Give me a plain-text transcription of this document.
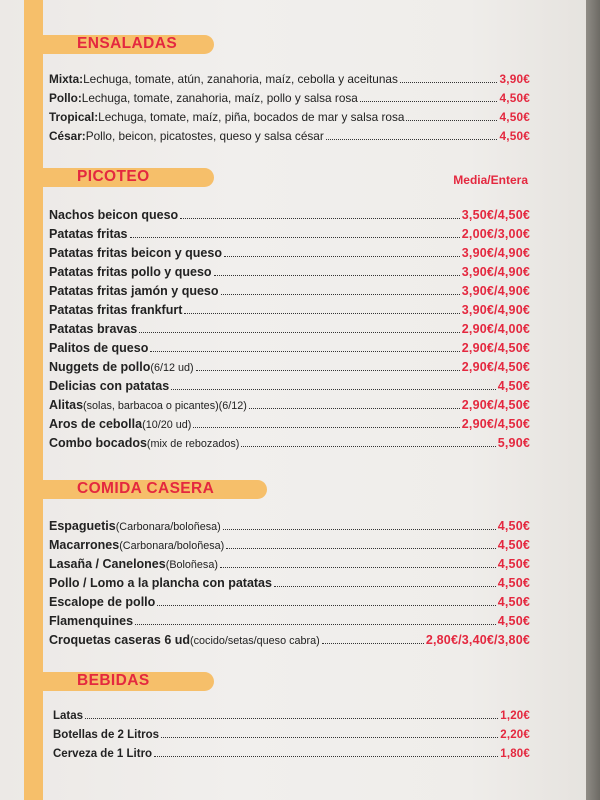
ENSALADAS
Mixta: Lechuga, tomate, atún, zanahoria, maíz, cebolla y aceitunas	3,90€
Pollo: Lechuga, tomate, zanahoria, maíz, pollo y salsa rosa	4,50€
Tropical: Lechuga, tomate, maíz, piña, bocados de mar y salsa rosa	4,50€
César: Pollo, beicon, picatostes, queso y salsa césar	4,50€
PICOTEO	Media/Entera
Nachos beicon queso	3,50€/4,50€
Patatas fritas	2,00€/3,00€
Patatas fritas beicon y queso	3,90€/4,90€
Patatas fritas pollo y queso	3,90€/4,90€
Patatas fritas jamón y queso	3,90€/4,90€
Patatas fritas frankfurt	3,90€/4,90€
Patatas bravas	2,90€/4,00€
Palitos de queso	2,90€/4,50€
Nuggets de pollo (6/12 ud)	2,90€/4,50€
Delicias con patatas	4,50€
Alitas (solas, barbacoa o picantes)(6/12)	2,90€/4,50€
Aros de cebolla (10/20 ud)	2,90€/4,50€
Combo bocados (mix de rebozados)	5,90€
COMIDA CASERA
Espaguetis (Carbonara/boloñesa)	4,50€
Macarrones (Carbonara/boloñesa)	4,50€
Lasaña / Canelones (Boloñesa)	4,50€
Pollo / Lomo a la plancha con patatas	4,50€
Escalope de pollo	4,50€
Flamenquines	4,50€
Croquetas caseras 6 ud (cocido/setas/queso cabra)	2,80€/3,40€/3,80€
BEBIDAS
Latas	1,20€
Botellas de 2 Litros	2,20€
Cerveza de 1 Litro	1,80€
